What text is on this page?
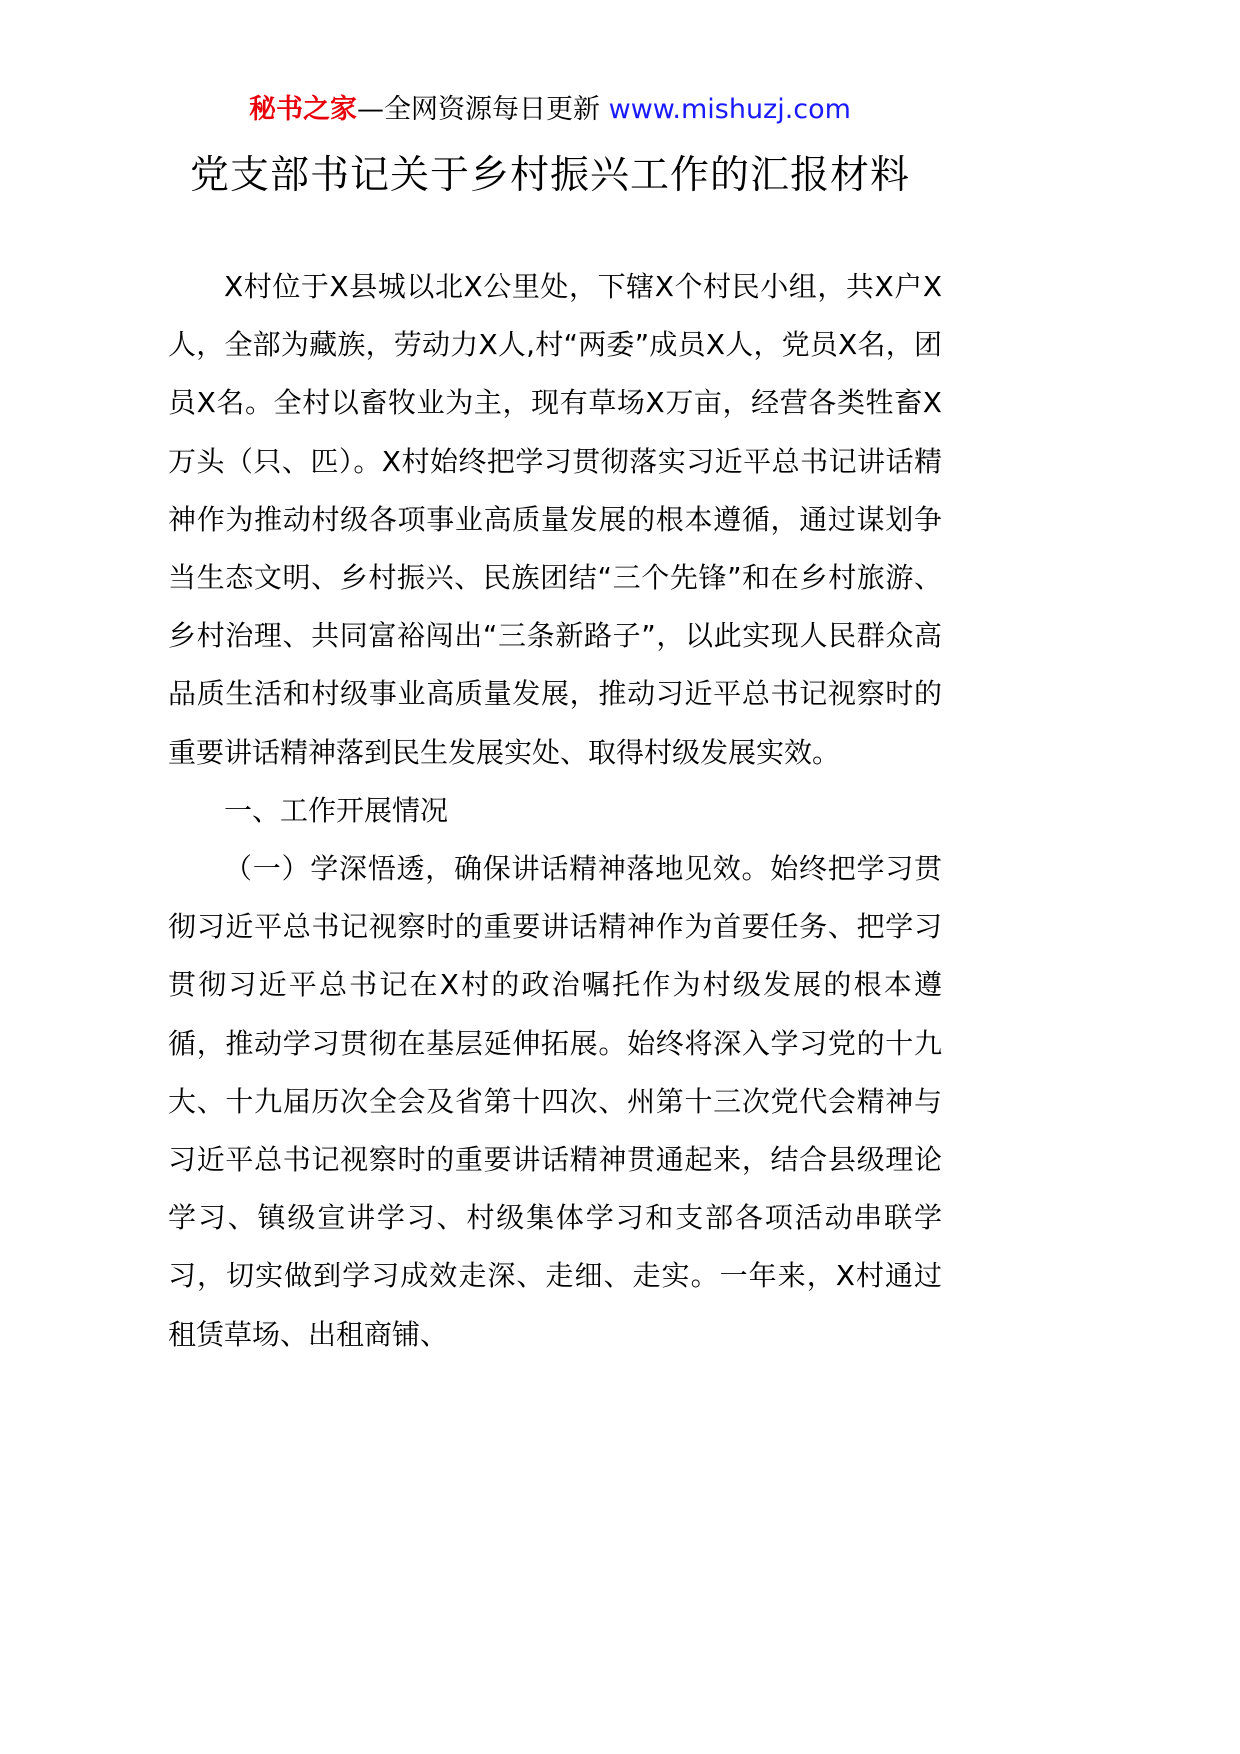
秘书之家—全网资源每日更新 www.mishuzj.com
党支部书记关于乡村振兴工作的汇报材料

X村位于X县城以北X公里处，下辖X个村民小组，共X户X人，全部为藏族，劳动力X人,村“两委”成员X人，党员X名，团员X名。全村以畜牧业为主，现有草场X万亩，经营各类牲畜X万头（只、匹）。X村始终把学习贯彻落实习近平总书记讲话精神作为推动村级各项事业高质量发展的根本遵循，通过谋划争当生态文明、乡村振兴、民族团结“三个先锋”和在乡村旅游、乡村治理、共同富裕闯出“三条新路子”，以此实现人民群众高品质生活和村级事业高质量发展，推动习近平总书记视察时的重要讲话精神落到民生发展实处、取得村级发展实效。

一、工作开展情况

（一）学深悟透，确保讲话精神落地见效。始终把学习贯彻习近平总书记视察时的重要讲话精神作为首要任务、把学习贯彻习近平总书记在X村的政治嘱托作为村级发展的根本遵循，推动学习贯彻在基层延伸拓展。始终将深入学习党的十九大、十九届历次全会及省第十四次、州第十三次党代会精神与习近平总书记视察时的重要讲话精神贯通起来，结合县级理论学习、镇级宣讲学习、村级集体学习和支部各项活动串联学习，切实做到学习成效走深、走细、走实。一年来，X村通过租赁草场、出租商铺、
